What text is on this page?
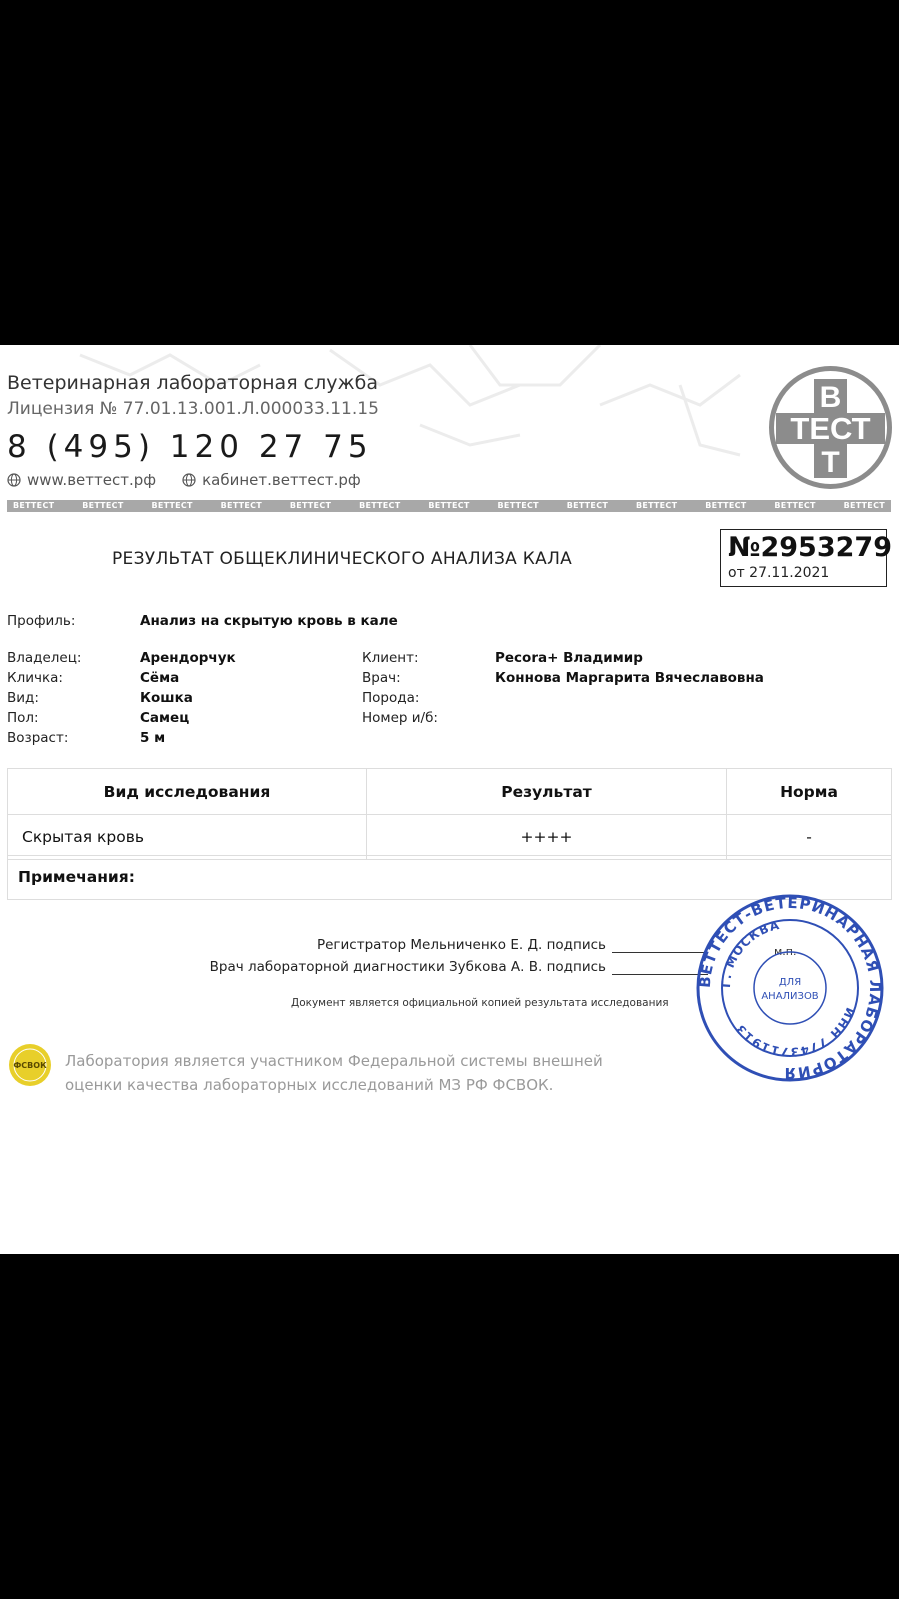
Ветеринарная лабораторная служба
Лицензия № 77.01.13.001.Л.000033.11.15
8 (495) 120 27 75
www.веттест.рф	кабинет.веттест.рф
В
ТЕСТ
Т
ВЕТТЕСТ	ВЕТТЕСТ	ВЕТТЕСТ	ВЕТТЕСТ	ВЕТТЕСТ	ВЕТТЕСТ	ВЕТТЕСТ	ВЕТТЕСТ	ВЕТТЕСТ	ВЕТТЕСТ	ВЕТТЕСТ	ВЕТТЕСТ	ВЕТТЕСТ
РЕЗУЛЬТАТ ОБЩЕКЛИНИЧЕСКОГО АНАЛИЗА КАЛА	№2953279
от 27.11.2021
Профиль:	Анализ на скрытую кровь в кале
Владелец:	Арендорчук
Кличка:	Сёма
Вид:	Кошка
Пол:	Самец
Возраст:	5 м
Клиент:	Pecora+ Владимир
Врач:	Коннова Маргарита Вячеславовна
Порода:
Номер и/б:
Вид исследования	Результат	Норма
Скрытая кровь	++++	-
Примечания:
Регистратор Мельниченко Е. Д. подпись
Врач лабораторной диагностики Зубкова А. В. подпись
м.п.
Документ является официальной копией результата исследования
ВЕТТЕСТ-ВЕТЕРИНАРНАЯ ЛАБОРАТОРИЯ
Г. МОСКВА
ИНН 7743711913
ДЛЯ
АНАЛИЗОВ
ФСВОК Лаборатория является участником Федеральной системы внешней
оценки качества лабораторных исследований МЗ РФ ФСВОК.
